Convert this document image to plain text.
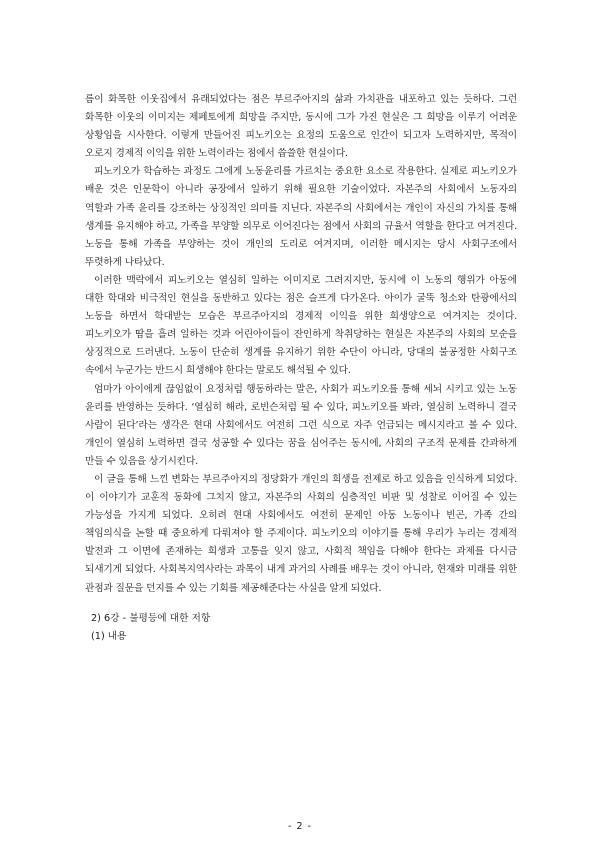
름이 화목한 이웃집에서 유래되었다는 점은 부르주아지의 삶과 가치관을 내포하고 있는 듯하다. 그런 화목한 이웃의 이미지는 제페토에게 희망을 주지만, 동시에 그가 가진 현실은 그 희망을 이루기 어려운 상황임을 시사한다. 이렇게 만들어진 피노키오는 요정의 도움으로 인간이 되고자 노력하지만, 목적이 오로지 경제적 이익을 위한 노력이라는 점에서 씁쓸한 현실이다.

피노키오가 학습하는 과정도 그에게 노동윤리를 가르치는 중요한 요소로 작용한다. 실제로 피노키오가 배운 것은 인문학이 아니라 공장에서 일하기 위해 필요한 기술이었다. 자본주의 사회에서 노동자의 역할과 가족 윤리를 강조하는 상징적인 의미를 지닌다. 자본주의 사회에서는 개인이 자신의 가치를 통해 생계를 유지해야 하고, 가족을 부양할 의무로 이어진다는 점에서 사회의 규율서 역할을 한다고 여겨진다. 노동을 통해 가족을 부양하는 것이 개인의 도리로 여겨지며, 이러한 메시지는 당시 사회구조에서 뚜렷하게 나타났다.

이러한 맥락에서 피노키오는 열심히 일하는 이미지로 그려지지만, 동시에 이 노동의 행위가 아동에 대한 학대와 비극적인 현실을 동반하고 있다는 점은 슬프게 다가온다. 아이가 굴뚝 청소와 탄광에서의 노동을 하면서 학대받는 모습은 부르주아지의 경제적 이익을 위한 희생양으로 여겨지는 것이다. 피노키오가 땀을 흘려 일하는 것과 어린아이들이 잔인하게 착취당하는 현실은 자본주의 사회의 모순을 상징적으로 드러낸다. 노동이 단순히 생계를 유지하기 위한 수단이 아니라, 당대의 불공정한 사회구조 속에서 누군가는 반드시 희생해야 한다는 말로도 해석될 수 있다.

엄마가 아이에게 끊임없이 요정처럼 행동하라는 말은, 사회가 피노키오를 통해 세뇌 시키고 있는 노동 윤리를 반영하는 듯하다. ‘열심히 해라, 로빈슨처럼 될 수 있다, 피노키오를 봐라, 열심히 노력하니 결국 사람이 된다’라는 생각은 현대 사회에서도 여전히 그런 식으로 자주 언급되는 메시지라고 볼 수 있다. 개인이 열심히 노력하면 결국 성공할 수 있다는 꿈을 심어주는 동시에, 사회의 구조적 문제를 간과하게 만들 수 있음을 상기시킨다.

이 글을 통해 느낀 변화는 부르주아지의 정당화가 개인의 희생을 전제로 하고 있음을 인식하게 되었다. 이 이야기가 교훈적 동화에 그치지 않고, 자본주의 사회의 심층적인 비판 및 성찰로 이어질 수 있는 가능성을 가지게 되었다. 오히려 현대 사회에서도 여전히 문제인 아동 노동이나 빈곤, 가족 간의 책임의식을 논할 때 중요하게 다뤄져야 할 주제이다. 피노키오의 이야기를 통해 우리가 누리는 경제적 발전과 그 이면에 존재하는 희생과 고통을 잊지 않고, 사회적 책임을 다해야 한다는 과제를 다시금 되새기게 되었다. 사회복지역사라는 과목이 내게 과거의 사례를 배우는 것이 아니라, 현재와 미래를 위한 관점과 질문을 던지를 수 있는 기회를 제공해준다는 사실을 알게 되었다.

2) 6강 - 불평등에 대한 저항

(1) 내용

- 2 -
